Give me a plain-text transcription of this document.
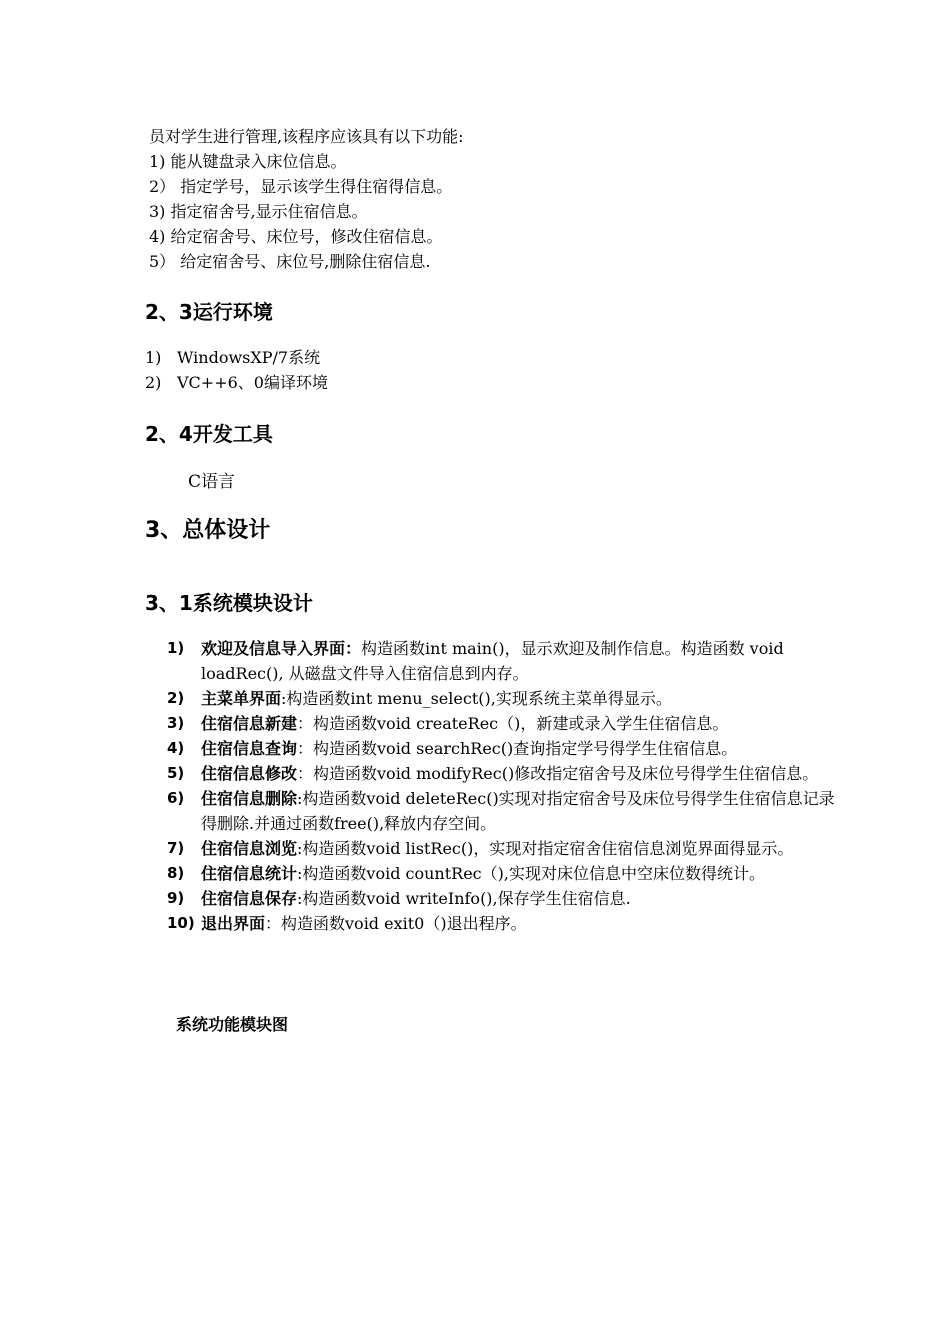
员对学生进行管理,该程序应该具有以下功能:
1) 能从键盘录入床位信息。
2） 指定学号，显示该学生得住宿得信息。
3) 指定宿舍号,显示住宿信息。
4) 给定宿舍号、床位号，修改住宿信息。
5） 给定宿舍号、床位号,删除住宿信息.
2、3运行环境
1) WindowsXP/7系统
2) VC++6、0编译环境
2、4开发工具
C语言
3、总体设计
3、1系统模块设计
1)	欢迎及信息导入界面：构造函数int main()，显示欢迎及制作信息。构造函数 void loadRec(), 从磁盘文件导入住宿信息到内存。
2)	主菜单界面:构造函数int menu_select(),实现系统主菜单得显示。
3)	住宿信息新建：构造函数void createRec（)，新建或录入学生住宿信息。
4)	住宿信息查询：构造函数void searchRec()查询指定学号得学生住宿信息。
5)	住宿信息修改：构造函数void modifyRec()修改指定宿舍号及床位号得学生住宿信息。
6)	住宿信息删除:构造函数void deleteRec()实现对指定宿舍号及床位号得学生住宿信息记录得删除.并通过函数free(),释放内存空间。
7)	住宿信息浏览:构造函数void listRec()，实现对指定宿舍住宿信息浏览界面得显示。
8)	住宿信息统计:构造函数void countRec（),实现对床位信息中空床位数得统计。
9)	住宿信息保存:构造函数void writeInfo(),保存学生住宿信息.
10) 退出界面：构造函数void exit0（)退出程序。
系统功能模块图
